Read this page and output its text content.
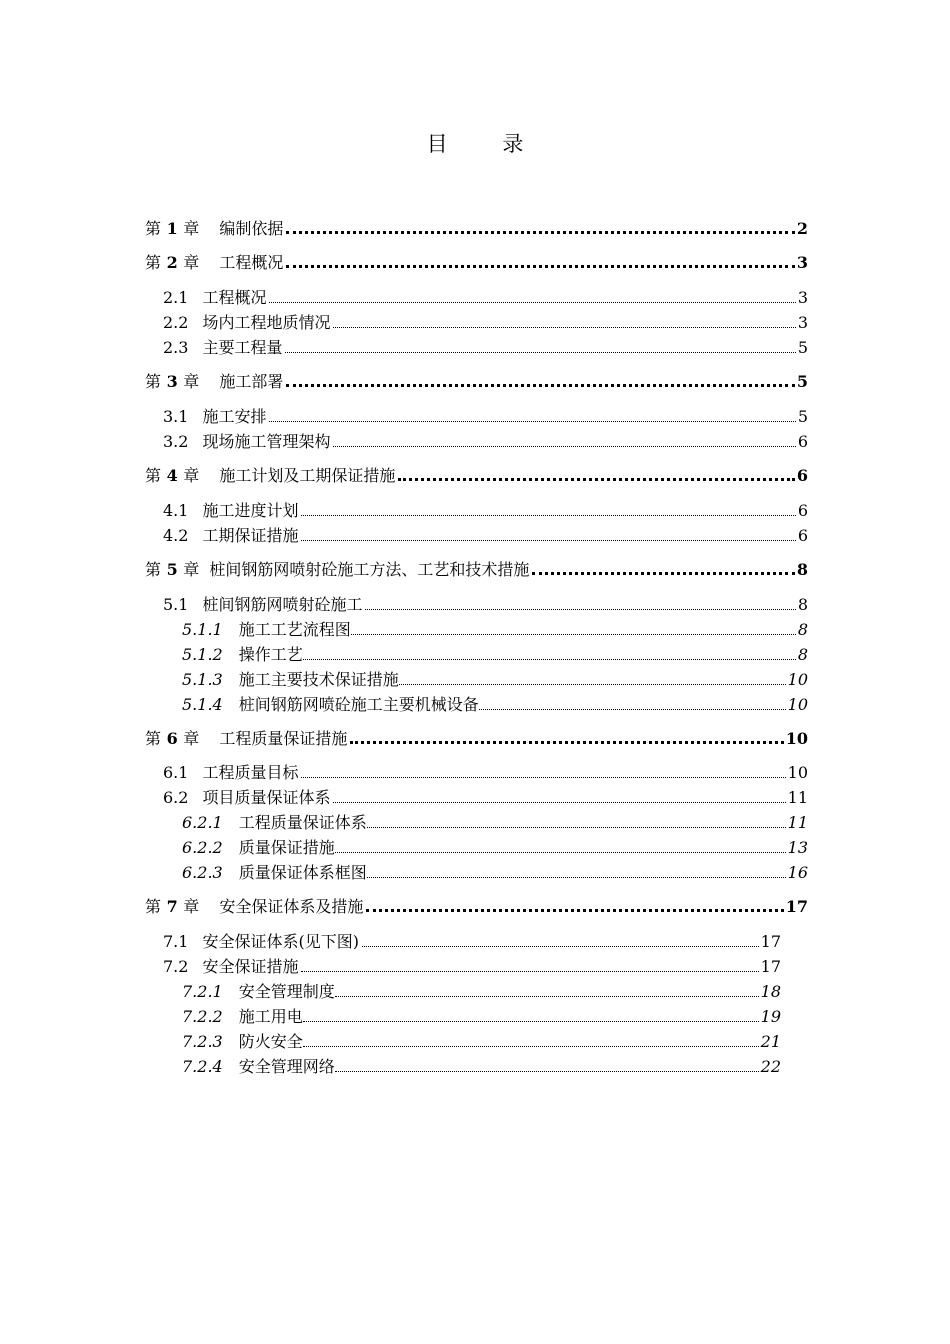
目 录
第 1 章 编制依据	2
第 2 章 工程概况	3
2.1 工程概况	3
2.2 场内工程地质情况	3
2.3 主要工程量	5
第 3 章 施工部署	5
3.1 施工安排	5
3.2 现场施工管理架构	6
第 4 章 施工计划及工期保证措施	6
4.1 施工进度计划	6
4.2 工期保证措施	6
第 5 章 桩间钢筋网喷射砼施工方法、工艺和技术措施	8
5.1 桩间钢筋网喷射砼施工	8
5.1.1 施工工艺流程图	8
5.1.2 操作工艺	8
5.1.3 施工主要技术保证措施	10
5.1.4 桩间钢筋网喷砼施工主要机械设备	10
第 6 章 工程质量保证措施	10
6.1 工程质量目标	10
6.2 项目质量保证体系	11
6.2.1 工程质量保证体系	11
6.2.2 质量保证措施	13
6.2.3 质量保证体系框图	16
第 7 章 安全保证体系及措施	17
7.1 安全保证体系(见下图)	17
7.2 安全保证措施	17
7.2.1 安全管理制度	18
7.2.2 施工用电	19
7.2.3 防火安全	21
7.2.4 安全管理网络	22
